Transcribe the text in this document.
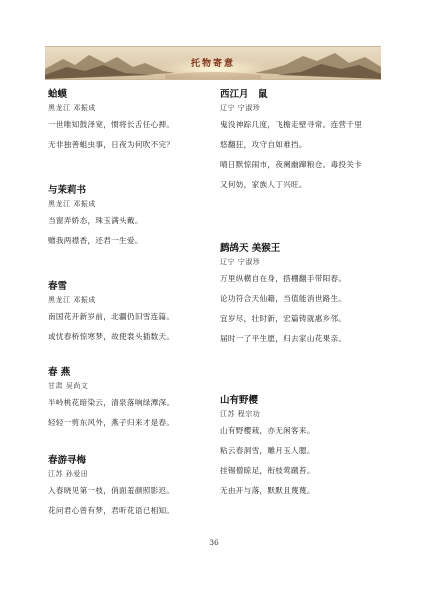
托物寄意
蛤蟆
黑龙江 邓振成
一世唯知鼓泽宽，惯将长舌任心捭。
无非独善蛆虫事，日夜为何吹不完？
与茉莉书
黑龙江 邓振成
当窗弄娇态，珠玉满头戴。
赠我两襟香，还君一生爱。
春雪
黑龙江 邓振成
南国花开新岁前，北疆仍旧雪连篇。
或忧春桥惊寒梦，故使裳头插数天。
春 燕
甘肃 吴尚文
半岭桃花暗染云，清泉落响绿潭深。
轻轻一剪东风外，燕子归来才是春。
春游寻梅
江苏 孙爱田
入春晓见第一枝，俏面羞颜照影迟。
花问君心曾有梦，君听花语已相知。
西江月　鼠
辽宁 宁淑珍
鬼没神踪几度，飞檐走壁寻常。连营千里
悠翻狂，攻守自如难挡。
晴日默惊闹市，夜阑幽蹿粮仓。毒投关卡
又何妨，家族人丁兴旺。
鹧鸪天 美猴王
辽宁 宁淑珍
万里纵横自在身，搭棚翻手带阳春。
论功符合天仙籍，当值能消世路生。
宜岁尽，壮时新，宏篇铸就惠乡邻。
届时一了平生愿，归去家山花果亲。
山有野樱
江苏 程宗功
山有野樱栽，亦无闲客来。
粘云春洞雪，雕月玉人腮。
挂锡僧晾足，衔枝莺蹴苔。
无由开与落，默默且蔑蔑。
36
